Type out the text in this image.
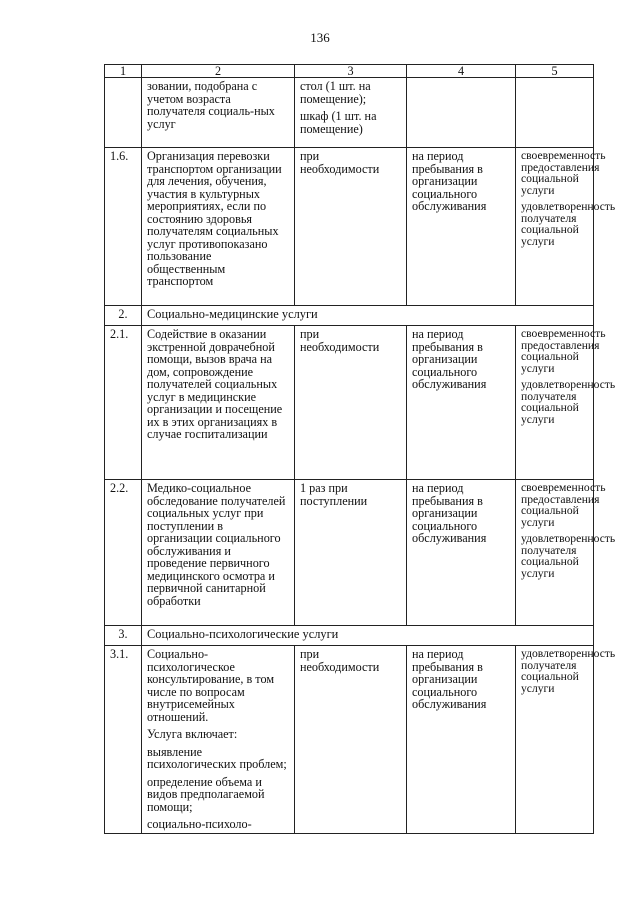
136
1	2	3	4	5
	зовании, подобрана с учетом возраста получателя социаль-ных услуг	стол (1 шт. на помещение);
шкаф (1 шт. на помещение)		

1.6.	Организация перевозки транспортом организации для лечения, обучения, участия в культурных мероприятиях, если по состоянию здоровья получателям социальных услуг противопоказано пользование общественным транспортом	при необходимости	на период пребывания в организации социального обслуживания	своевременность предоставления социальной услуги
удовлетворенность получателя социальной услуги

2.	Социально-медицинские услуги			
2.1.	Содействие в оказании экстренной доврачебной помощи, вызов врача на дом, сопровождение получателей социальных услуг в медицинские организации и посещение их в этих организациях в случае госпитализации	при необходимости	на период пребывания в организации социального обслуживания	своевременность предоставления социальной услуги
удовлетворенность получателя социальной услуги

2.2.	Медико-социальное обследование получателей социальных услуг при поступлении в организации социального обслуживания и проведение первичного медицинского осмотра и первичной санитарной обработки	1 раз при поступлении	на период пребывания в организации социального обслуживания	своевременность предоставления социальной услуги
удовлетворенность получателя социальной услуги

3.	Социально-психологические услуги			
3.1.	Социально-психологическое консультирование, в том числе по вопросам внутрисемейных отношений.
Услуга включает:
выявление психологических проблем;
определение объема и видов предполагаемой помощи;
социально-психоло-	при необходимости	на период пребывания в организации социального обслуживания	удовлетворенность получателя социальной услуги
